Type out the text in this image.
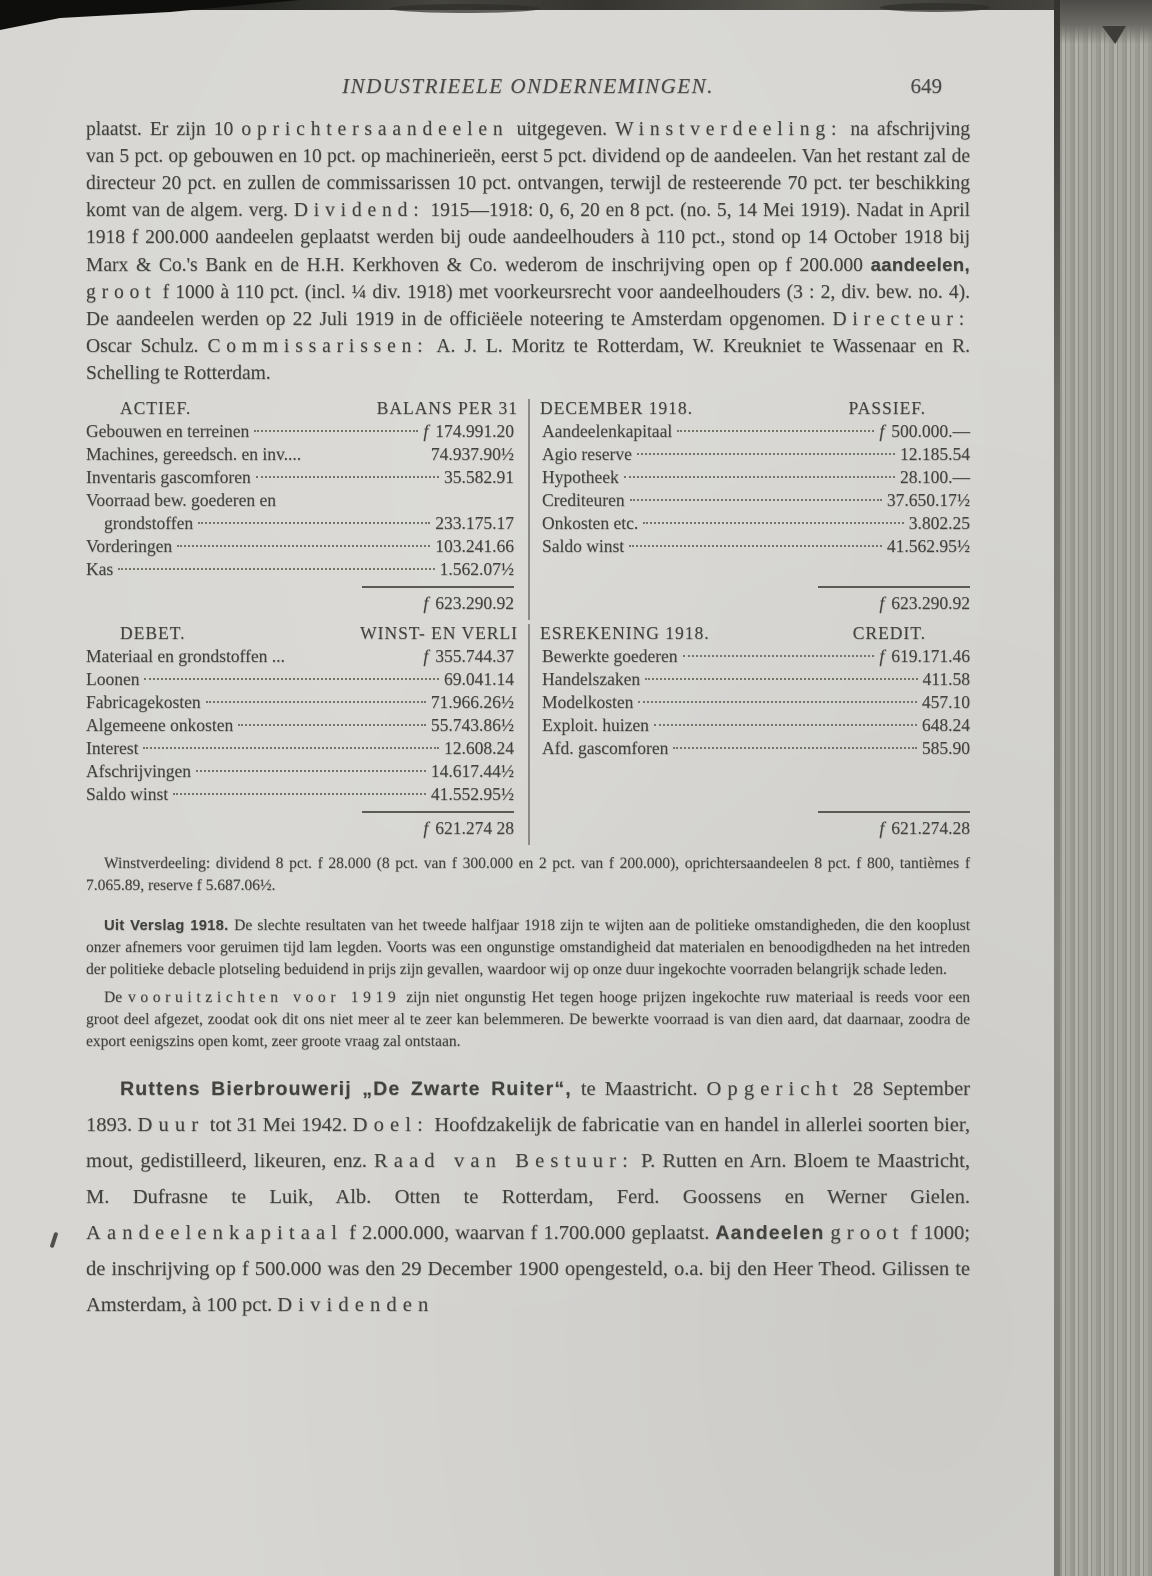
INDUSTRIEELE ONDERNEMINGEN.	649

plaatst. Er zijn 10 oprichtersaandeelen uitgegeven. Winstverdeeling: na afschrijving van 5 pct. op gebouwen en 10 pct. op machinerieën, eerst 5 pct. dividend op de aandeelen. Van het restant zal de directeur 20 pct. en zullen de commissarissen 10 pct. ontvangen, terwijl de resteerende 70 pct. ter beschikking komt van de algem. verg. Dividend: 1915—1918: 0, 6, 20 en 8 pct. (no. 5, 14 Mei 1919). Nadat in April 1918 f 200.000 aandeelen geplaatst werden bij oude aandeelhouders à 110 pct., stond op 14 October 1918 bij Marx & Co.'s Bank en de H.H. Kerkhoven & Co. wederom de inschrijving open op f 200.000 aandeelen, groot f 1000 à 110 pct. (incl. ¼ div. 1918) met voorkeursrecht voor aandeelhouders (3 : 2, div. bew. no. 4). De aandeelen werden op 22 Juli 1919 in de officiëele noteering te Amsterdam opgenomen. Directeur: Oscar Schulz. Commissarissen: A. J. L. Moritz te Rotterdam, W. Kreukniet te Wassenaar en R. Schelling te Rotterdam.

ACTIEF.	BALANS PER 31 DECEMBER 1918.	PASSIEF.
Gebouwen en terreinen	f 174.991.20
Machines, gereedsch. en inv....	74.937.90½
Inventaris gascomforen	35.582.91
Voorraad bew. goederen en
grondstoffen	233.175.17
Vorderingen	103.241.66
Kas	1.562.07½
f 623.290.92
Aandeelenkapitaal	f 500.000.—
Agio reserve	12.185.54
Hypotheek	28.100.—
Crediteuren	37.650.17½
Onkosten etc.	3.802.25
Saldo winst	41.562.95½
f 623.290.92
DEBET.	WINST- EN VERLI ESREKENING 1918.	CREDIT.
Materiaal en grondstoffen ...	f 355.744.37
Loonen	69.041.14
Fabricagekosten	71.966.26½
Algemeene onkosten	55.743.86½
Interest	12.608.24
Afschrijvingen	14.617.44½
Saldo winst	41.552.95½
f 621.274 28
Bewerkte goederen	f 619.171.46
Handelszaken	411.58
Modelkosten	457.10
Exploit. huizen	648.24
Afd. gascomforen	585.90
f 621.274.28

Winstverdeeling: dividend 8 pct. f 28.000 (8 pct. van f 300.000 en 2 pct. van f 200.000), oprichtersaandeelen 8 pct. f 800, tantièmes f 7.065.89, reserve f 5.687.06½.

Uit Verslag 1918. De slechte resultaten van het tweede halfjaar 1918 zijn te wijten aan de politieke omstandigheden, die den kooplust onzer afnemers voor geruimen tijd lam legden. Voorts was een ongunstige omstandigheid dat materialen en benoodigdheden na het intreden der politieke debacle plotseling beduidend in prijs zijn gevallen, waardoor wij op onze duur ingekochte voorraden belangrijk schade leden.

De vooruitzichten voor 1919 zijn niet ongunstig Het tegen hooge prijzen ingekochte ruw materiaal is reeds voor een groot deel afgezet, zoodat ook dit ons niet meer al te zeer kan belemmeren. De bewerkte voorraad is van dien aard, dat daarnaar, zoodra de export eenigszins open komt, zeer groote vraag zal ontstaan.

Ruttens Bierbrouwerij „De Zwarte Ruiter“, te Maastricht. Opgericht 28 September 1893. Duur tot 31 Mei 1942. Doel: Hoofdzakelijk de fabricatie van en handel in allerlei soorten bier, mout, gedistilleerd, likeuren, enz. Raad van Bestuur: P. Rutten en Arn. Bloem te Maastricht, M. Dufrasne te Luik, Alb. Otten te Rotterdam, Ferd. Goossens en Werner Gielen. Aandeelenkapitaal f 2.000.000, waarvan f 1.700.000 geplaatst. Aandeelen groot f 1000; de inschrijving op f 500.000 was den 29 December 1900 opengesteld, o.a. bij den Heer Theod. Gilissen te Amsterdam, à 100 pct. Dividenden
